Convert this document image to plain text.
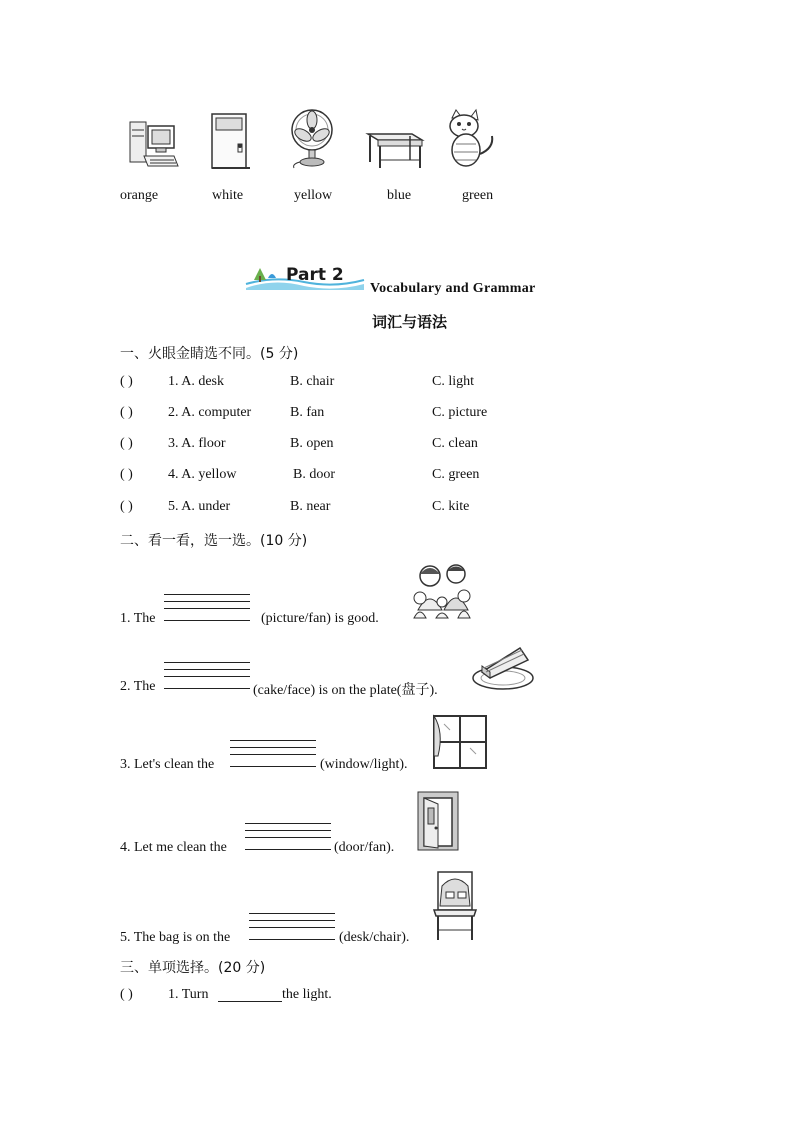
orange	white	yellow	blue	green
Part 2
Vocabulary and Grammar
词汇与语法
一、火眼金睛选不同。(5 分)
( )	1. A. desk	B. chair	C. light
( )	2. A. computer	B. fan	C. picture
( )	3. A. floor	B. open	C. clean
( )	4. A. yellow	B. door	C. green
( )	5. A. under	B. near	C. kite
二、看一看，选一选。(10 分)
1. The	(picture/fan) is good.
2. The	(cake/face) is on the plate(盘子).
3. Let's clean the	(window/light).
4. Let me clean the	(door/fan).
5. The bag is on the	(desk/chair).
三、单项选择。(20 分)
( )	1. Turn	the light.
